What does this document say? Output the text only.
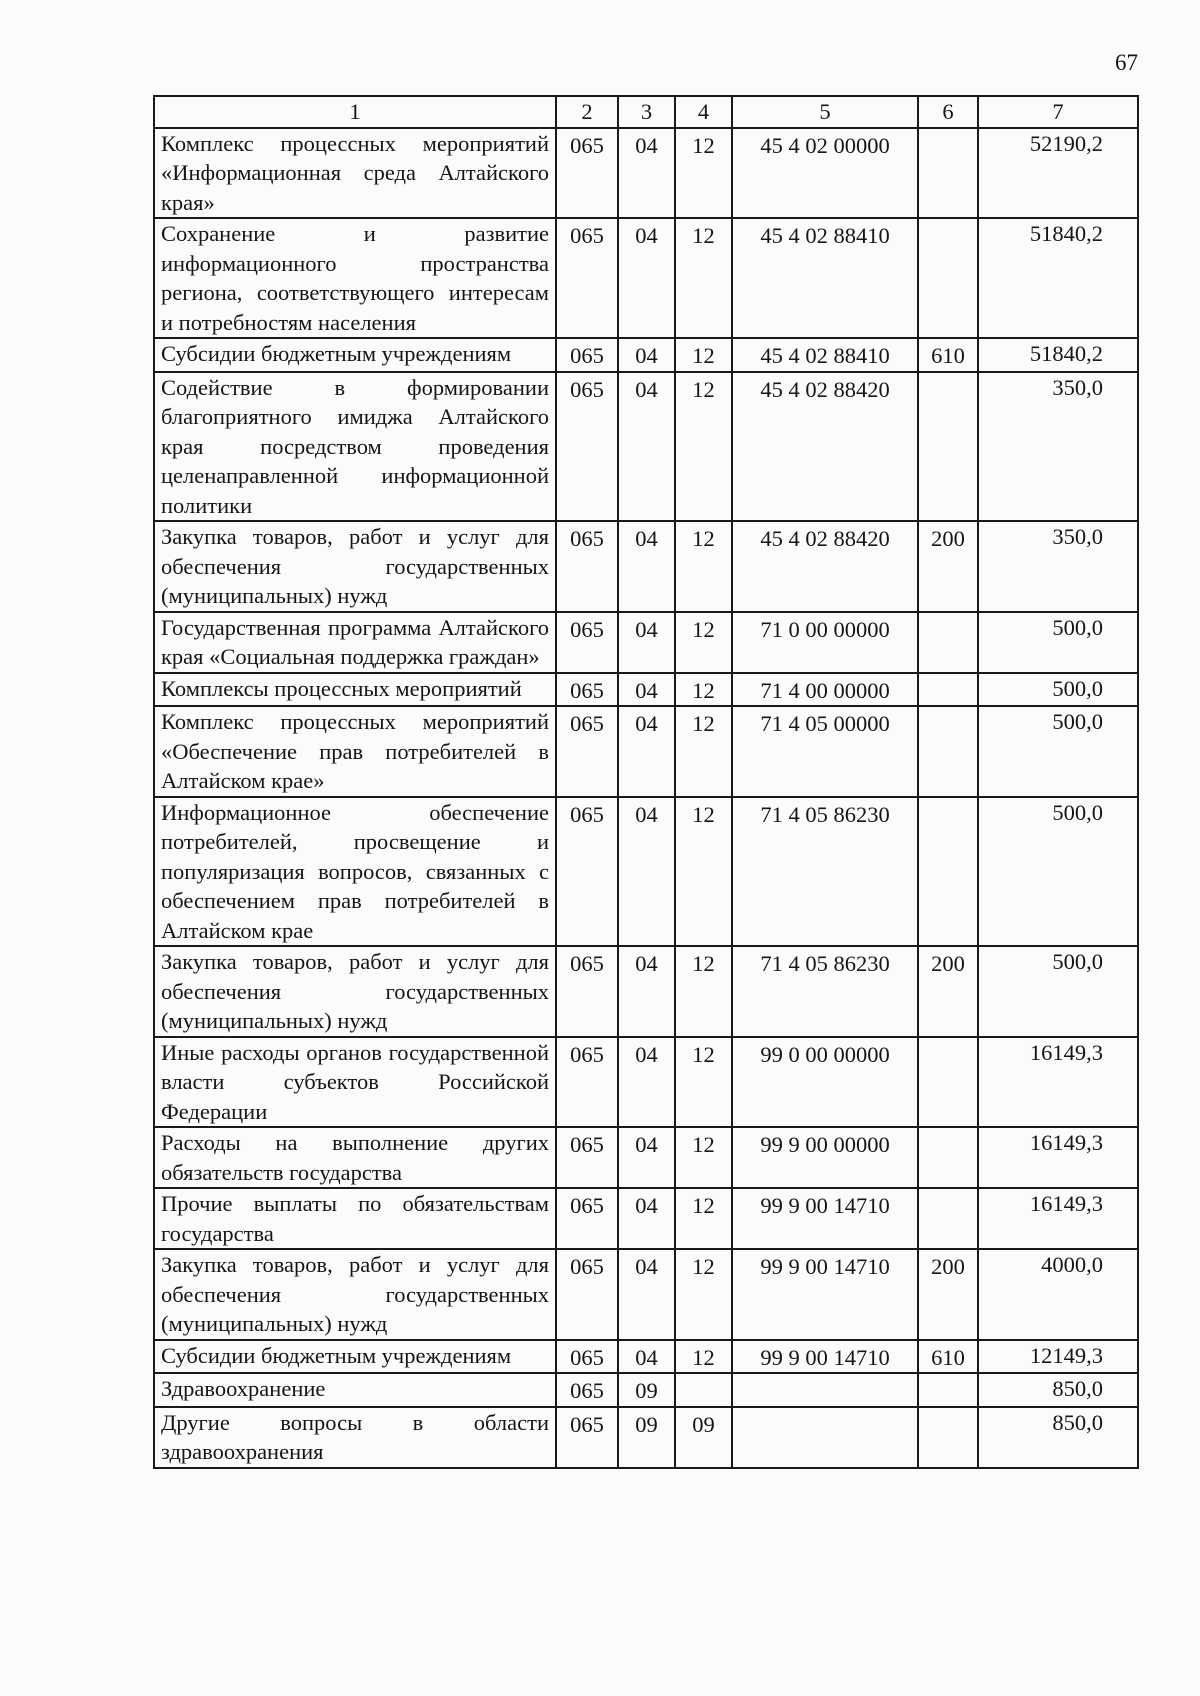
67
1	2	3	4	5	6	7
Комплекс процессных мероприятий «Информационная среда Алтайского края»	065	04	12	45 4 02 00000		52190,2
Сохранение и развитие информационного пространства региона, соответствующего интересам и потребностям населения	065	04	12	45 4 02 88410		51840,2
Субсидии бюджетным учреждениям	065	04	12	45 4 02 88410	610	51840,2
Содействие в формировании благоприятного имиджа Алтайского края посредством проведения целенаправленной информационной политики	065	04	12	45 4 02 88420		350,0
Закупка товаров, работ и услуг для обеспечения государственных (муниципальных) нужд	065	04	12	45 4 02 88420	200	350,0
Государственная программа Алтайского края «Социальная поддержка граждан»	065	04	12	71 0 00 00000		500,0
Комплексы процессных мероприятий	065	04	12	71 4 00 00000		500,0
Комплекс процессных мероприятий «Обеспечение прав потребителей в Алтайском крае»	065	04	12	71 4 05 00000		500,0
Информационное обеспечение потребителей, просвещение и популяризация вопросов, связанных с обеспечением прав потребителей в Алтайском крае	065	04	12	71 4 05 86230		500,0
Закупка товаров, работ и услуг для обеспечения государственных (муниципальных) нужд	065	04	12	71 4 05 86230	200	500,0
Иные расходы органов государственной власти субъектов Российской Федерации	065	04	12	99 0 00 00000		16149,3
Расходы на выполнение других обязательств государства	065	04	12	99 9 00 00000		16149,3
Прочие выплаты по обязательствам государства	065	04	12	99 9 00 14710		16149,3
Закупка товаров, работ и услуг для обеспечения государственных (муниципальных) нужд	065	04	12	99 9 00 14710	200	4000,0
Субсидии бюджетным учреждениям	065	04	12	99 9 00 14710	610	12149,3
Здравоохранение	065	09				850,0
Другие вопросы в области здравоохранения	065	09	09			850,0
